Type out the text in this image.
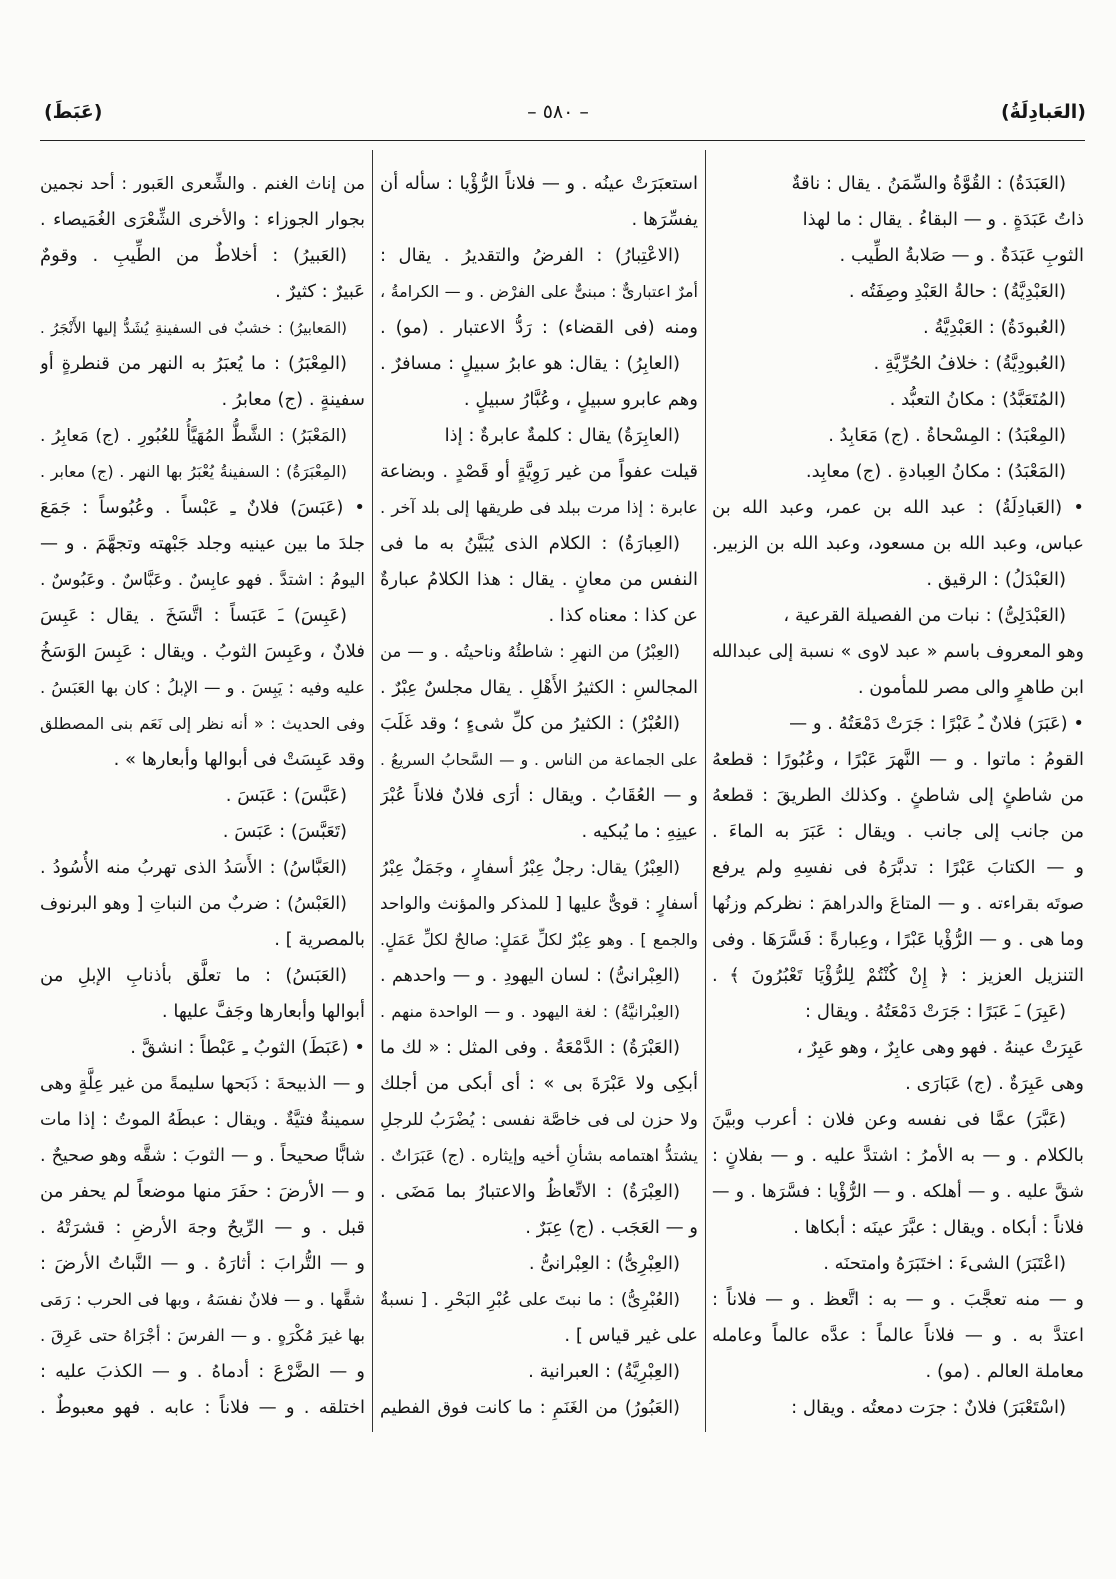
(العَبادِلَةُ)
– ٥٨٠ –
(عَبَطَ)
(العَبَدَةُ) : القُوَّةُ والسِّمَنُ . يقال : ناقةٌ
ذاتُ عَبَدَةٍ . و — البقاءُ . يقال : ما لهذا
الثوبِ عَبَدَةٌ . و — صَلابةُ الطِّيب .
(العَبْدِيَّةُ) : حالةُ العَبْدِ وصِفَتُه .
(العُبودَةُ) : العَبْدِيَّةُ .
(العُبودِيَّةُ) : خلافُ الحُرِّيَّةِ .
(المُتَعَبَّدُ) : مكانُ التعبُّد .
(المِعْبَدُ) : المِسْحاةُ . (ج) مَعَابِدُ .
(المَعْبَدُ) : مكانُ العِبادةِ . (ج) معابِد.
• (العَبادِلَةُ) : عبد الله بن عمر، وعبد الله بن
عباس، وعبد الله بن مسعود، وعبد الله بن الزبير.
(العَبْدَلُ) : الرقيق .
(العَبْدَلِىُّ) : نبات من الفصيلة القرعية ،
وهو المعروف باسم « عبد لاوى » نسبة إلى عبدالله
ابن طاهرٍ والى مصر للمأمون .
• (عَبَرَ) فلانٌ ـُ عَبْرًا : جَرَتْ دَمْعَتُهُ . و —
القومُ : ماتوا . و — النَّهرَ عَبْرًا ، وعُبُورًا : قطعهُ
من شاطئٍ إلى شاطئٍ . وكذلك الطريقَ : قطعهُ
من جانب إلى جانب . ويقال : عَبَرَ به الماءَ .
و — الكتابَ عَبْرًا : تدبَّرَهُ فى نفسِهِ ولم يرفع
صوتَه بقراءته . و — المتاعَ والدراهمَ : نظركم وزنُها
وما هى . و — الرُّؤْيا عَبْرًا ، وعِبارةً : فَسَّرَهَا . وفى
التنزيل العزيز : ﴿ إِنْ كُنْتُمْ لِلرُّؤْيَا تَعْبُرُونَ ﴾ .
(عَبِرَ) ـَ عَبَرًا : جَرَتْ دَمْعَتُهُ . ويقال :
عَبِرَتْ عينهُ . فهو وهى عابِرٌ ، وهو عَبِرٌ ،
وهى عَبِرَةٌ . (ج) عَبَارَى .
(عَبَّرَ) عمَّا فى نفسه وعن فلان : أعرب وبيَّنَ
بالكلام . و — به الأمرُ : اشتدَّ عليه . و — بفلانٍ :
شقَّ عليه . و — أهلكه . و — الرُّؤْيا : فسَّرَها . و —
فلاناً : أبكاه . ويقال : عبَّرَ عينَه : أبكاها .
(اعْتَبَرَ) الشىءَ : اختَبَرَهُ وامتحنَه .
و — منه تعجَّبَ . و — به : اتَّعظ . و — فلاناً :
اعتدَّ به . و — فلاناً عالماً : عدَّه عالماً وعامله
معاملة العالم . (مو) .
(اسْتَعْبَرَ) فلانٌ : جرَت دمعتُه . ويقال :
استعبَرَتْ عينُه . و — فلاناً الرُّؤْيا : سأله أن
يفسِّرَها .
(الاعْتِبارُ) : الفرضُ والتقديرُ . يقال :
أمرٌ اعتبارىٌّ : مبنىٌّ على الفرْض . و — الكرامةُ ،
ومنه (فى القضاء) : رَدُّ الاعتبار . (مو) .
(العابِرُ) : يقال: هو عابرُ سبيلٍ : مسافرٌ .
وهم عابرو سبيلٍ ، وعُبَّارُ سبيلٍ .
(العابِرَةُ) يقال : كلمةٌ عابرةٌ : إذا
قيلت عفواً من غير رَوِيَّةٍ أو قَصْدٍ . وبضاعة
عابرة : إذا مرت ببلد فى طريقها إلى بلد آخر .
(العِبارَةُ) : الكلام الذى يُبَيَّنُ به ما فى
النفس من معانٍ . يقال : هذا الكلامُ عبارةٌ
عن كذا : معناه كذا .
(العِبْرُ) من النهرِ : شاطئُهُ وناحيتُه . و — من
المجالسِ : الكثيرُ الأَهْلِ . يقال مجلسٌ عِبْرٌ .
(العُبْرُ) : الكثيرُ من كلِّ شىءٍ ؛ وقد غَلَبَ
على الجماعة من الناس . و — السَّحابُ السريعُ .
و — العُقَابُ . ويقال : أرَى فلانٌ فلاناً عُبْرَ
عينِهِ : ما يُبكيه .
(العِبْرُ) يقال: رجلٌ عِبْرُ أسفارٍ ، وجَمَلٌ عِبْرُ
أسفارٍ : قوىٌّ عليها [ للمذكر والمؤنث والواحد
والجمع ] . وهو عِبْرٌ لكلِّ عَمَلٍ: صالحٌ لكلِّ عَمَلٍ.
(العِبْرانىُّ) : لسان اليهودِ . و — واحدهم .
(العِبْرانيَّةُ) : لغة اليهود . و — الواحدة منهم .
(العَبْرَةُ) : الدَّمْعَةُ . وفى المثل : « لك ما
أبكِى ولا عَبْرَةَ بى » : أى أبكى من أجلك
ولا حزن لى فى خاصَّة نفسى : يُضْرَبُ للرجلِ
يشتدُّ اهتمامه بشأنِ أخيه وإيثاره . (ج) عَبَرَاتٌ .
(العِبْرَةُ) : الاتِّعاظُ والاعتبارُ بما مَضَى .
و — العَجَب . (ج) عِبَرٌ .
(العِبْرِىُّ) : العِبْرانىُّ .
(العُبْرِىُّ) : ما نبتَ على عُبْرِ البَحْرِ . [ نسبةٌ
على غير قياس ] .
(العِبْرِيَّةُ) : العبرانية .
(العَبُورُ) من الغَنَمِ : ما كانت فوق الفطيم
من إناث الغنم . والشِّعرى العَبور : أحد نجمين
بجوار الجوزاء : والأخرى الشِّعْرَى الغُمَيصاء .
(العَبيرُ) : أخلاطٌ من الطِّيبِ . وقومٌ
عَبيرٌ : كثيرٌ .
(المَعابيرُ) : خشبٌ فى السفينةِ يُشَدُّ إليها الأَنْجَرُ .
(المِعْبَرُ) : ما يُعبَرُ به النهر من قنطرةٍ أو
سفينةٍ . (ج) معابرُ .
(المَعْبَرُ) : الشَّطُّ المُهَيَّأُ للعُبُورِ . (ج) مَعابِرُ .
(المِعْبَرَةُ) : السفينةُ يُعْبَرُ بها النهر . (ج) معابر .
• (عَبَسَ) فلانٌ ـِ عَبْساً . وعُبُوساً : جَمَعَ
جلدَ ما بين عينيه وجلد جَبْهته وتجهَّمَ . و —
اليومُ : اشتدَّ . فهو عابِسٌ . وعَبَّاسٌ . وعَبُوسٌ .
(عَبِسَ) ـَ عَبَساً : اتَّسَخَ . يقال : عَبِسَ
فلانٌ ، وعَبِسَ الثوبُ . ويقال : عَبِسَ الوَسَخُ
عليه وفيه : يَبِسَ . و — الإبلُ : كان بها العَبَسُ .
وفى الحديث : « أنه نظر إلى نَعَم بنى المصطلق
وقد عَبِسَتْ فى أبوالها وأبعارها » .
(عَبَّسَ) : عَبَسَ .
(تَعَبَّسَ) : عَبَسَ .
(العَبَّاسُ) : الأَسَدُ الذى تهربُ منه الأُسُودُ .
(العَبْسُ) : ضربٌ من النباتِ [ وهو البرنوف
بالمصرية ] .
(العَبَسُ) : ما تعلَّق بأذنابِ الإبلِ من
أبوالها وأبعارها وجَفَّ عليها .
• (عَبَطَ) الثوبُ ـِ عَبْطاً : انشقَّ .
و — الذبيحةَ : ذَبَحها سليمةً من غير عِلَّةٍ وهى
سمينةٌ فتيَّةٌ . ويقال : عبطَهُ الموتُ : إذا مات
شابًّا صحيحاً . و — الثوبَ : شقَّه وهو صحيحٌ .
و — الأرضَ : حفَرَ منها موضعاً لم يحفر من
قبل . و — الرِّيحُ وجهَ الأرضِ : قشرَتْهُ .
و — التُّرابَ : أثارَهُ . و — النَّباتُ الأرضَ :
شقَّها . و — فلانٌ نفسَهُ ، وبها فى الحرب : رَمَى
بها غيرَ مُكْرَهٍ . و — الفرسَ : أجْرَاهُ حتى عَرِقَ .
و — الضَّرْعَ : أدماهُ . و — الكذبَ عليه :
اختلقه . و — فلاناً : عابه . فهو معبوطٌ .
